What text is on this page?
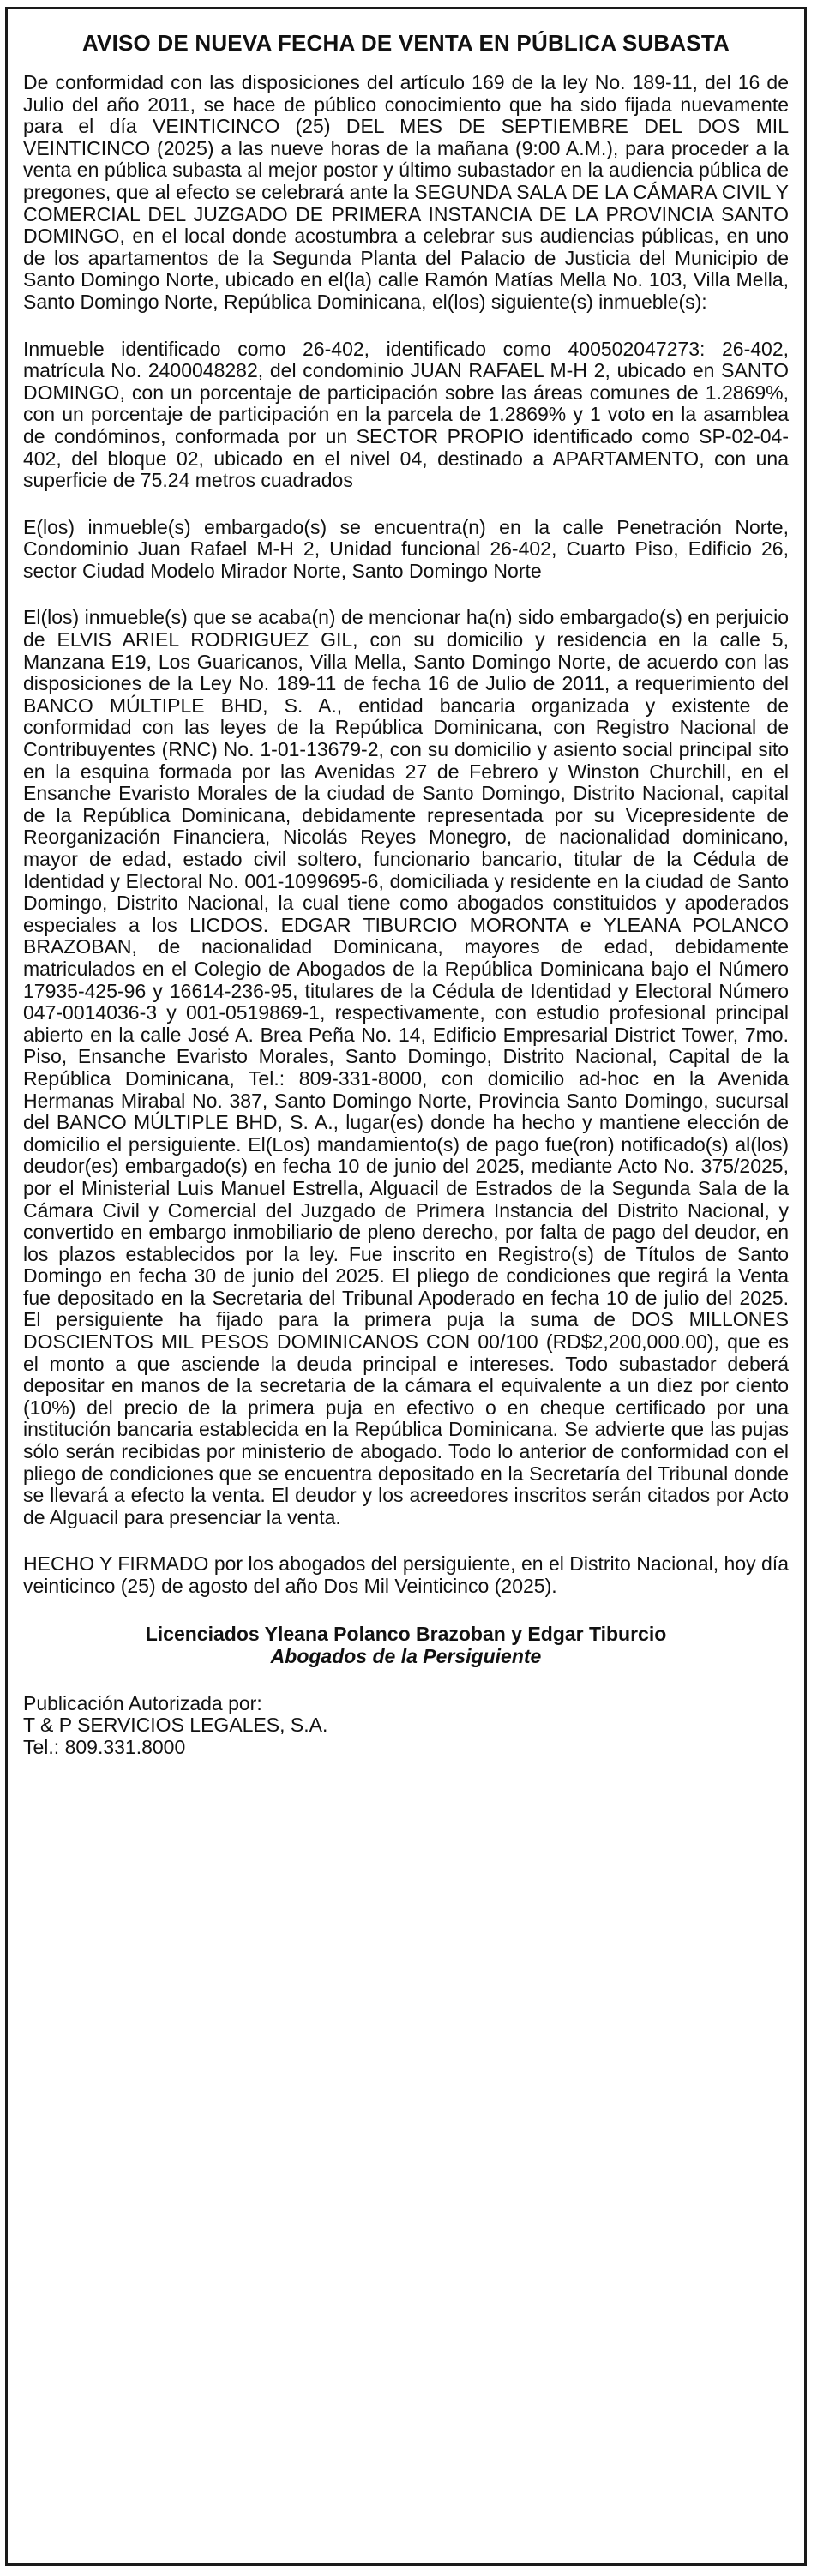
AVISO DE NUEVA FECHA DE VENTA EN PÚBLICA SUBASTA

De conformidad con las disposiciones del artículo 169 de la ley No. 189-11, del 16 de Julio del año 2011, se hace de público conocimiento que ha sido fijada nuevamente para el día VEINTICINCO (25) DEL MES DE SEPTIEMBRE DEL DOS MIL VEINTICINCO (2025) a las nueve horas de la mañana (9:00 A.M.), para proceder a la venta en pública subasta al mejor postor y último subastador en la audiencia pública de pregones, que al efecto se celebrará ante la SEGUNDA SALA DE LA CÁMARA CIVIL Y COMERCIAL DEL JUZGADO DE PRIMERA INSTANCIA DE LA PROVINCIA SANTO DOMINGO, en el local donde acostumbra a celebrar sus audiencias públicas, en uno de los apartamentos de la Segunda Planta del Palacio de Justicia del Municipio de Santo Domingo Norte, ubicado en el(la) calle Ramón Matías Mella No. 103, Villa Mella, Santo Domingo Norte, República Dominicana, el(los) siguiente(s) inmueble(s):

Inmueble identificado como 26-402, identificado como 400502047273: 26-402, matrícula No. 2400048282, del condominio JUAN RAFAEL M-H 2, ubicado en SANTO DOMINGO, con un porcentaje de participación sobre las áreas comunes de 1.2869%, con un porcentaje de participación en la parcela de 1.2869% y 1 voto en la asamblea de condóminos, conformada por un SECTOR PROPIO identificado como SP-02-04-402, del bloque 02, ubicado en el nivel 04, destinado a APARTAMENTO, con una superficie de 75.24 metros cuadrados

E(los) inmueble(s) embargado(s) se encuentra(n) en la calle Penetración Norte, Condominio Juan Rafael M-H 2, Unidad funcional 26-402, Cuarto Piso, Edificio 26, sector Ciudad Modelo Mirador Norte, Santo Domingo Norte

El(los) inmueble(s) que se acaba(n) de mencionar ha(n) sido embargado(s) en perjuicio de ELVIS ARIEL RODRIGUEZ GIL, con su domicilio y residencia en la calle 5, Manzana E19, Los Guaricanos, Villa Mella, Santo Domingo Norte, de acuerdo con las disposiciones de la Ley No. 189-11 de fecha 16 de Julio de 2011, a requerimiento del BANCO MÚLTIPLE BHD, S. A., entidad bancaria organizada y existente de conformidad con las leyes de la República Dominicana, con Registro Nacional de Contribuyentes (RNC) No. 1-01-13679-2, con su domicilio y asiento social principal sito en la esquina formada por las Avenidas 27 de Febrero y Winston Churchill, en el Ensanche Evaristo Morales de la ciudad de Santo Domingo, Distrito Nacional, capital de la República Dominicana, debidamente representada por su Vicepresidente de Reorganización Financiera, Nicolás Reyes Monegro, de nacionalidad dominicano, mayor de edad, estado civil soltero, funcionario bancario, titular de la Cédula de Identidad y Electoral No. 001-1099695-6, domiciliada y residente en la ciudad de Santo Domingo, Distrito Nacional, la cual tiene como abogados constituidos y apoderados especiales a los LICDOS. EDGAR TIBURCIO MORONTA e YLEANA POLANCO BRAZOBAN, de nacionalidad Dominicana, mayores de edad, debidamente matriculados en el Colegio de Abogados de la República Dominicana bajo el Número 17935-425-96 y 16614-236-95, titulares de la Cédula de Identidad y Electoral Número 047-0014036-3 y 001-0519869-1, respectivamente, con estudio profesional principal abierto en la calle José A. Brea Peña No. 14, Edificio Empresarial District Tower, 7mo. Piso, Ensanche Evaristo Morales, Santo Domingo, Distrito Nacional, Capital de la República Dominicana, Tel.: 809-331-8000, con domicilio ad-hoc en la Avenida Hermanas Mirabal No. 387, Santo Domingo Norte, Provincia Santo Domingo, sucursal del BANCO MÚLTIPLE BHD, S. A., lugar(es) donde ha hecho y mantiene elección de domicilio el persiguiente. El(Los) mandamiento(s) de pago fue(ron) notificado(s) al(los) deudor(es) embargado(s) en fecha 10 de junio del 2025, mediante Acto No. 375/2025, por el Ministerial Luis Manuel Estrella, Alguacil de Estrados de la Segunda Sala de la Cámara Civil y Comercial del Juzgado de Primera Instancia del Distrito Nacional, y convertido en embargo inmobiliario de pleno derecho, por falta de pago del deudor, en los plazos establecidos por la ley. Fue inscrito en Registro(s) de Títulos de Santo Domingo en fecha 30 de junio del 2025. El pliego de condiciones que regirá la Venta fue depositado en la Secretaria del Tribunal Apoderado en fecha 10 de julio del 2025. El persiguiente ha fijado para la primera puja la suma de DOS MILLONES DOSCIENTOS MIL PESOS DOMINICANOS CON 00/100 (RD$2,200,000.00), que es el monto a que asciende la deuda principal e intereses. Todo subastador deberá depositar en manos de la secretaria de la cámara el equivalente a un diez por ciento (10%) del precio de la primera puja en efectivo o en cheque certificado por una institución bancaria establecida en la República Dominicana. Se advierte que las pujas sólo serán recibidas por ministerio de abogado. Todo lo anterior de conformidad con el pliego de condiciones que se encuentra depositado en la Secretaría del Tribunal donde se llevará a efecto la venta. El deudor y los acreedores inscritos serán citados por Acto de Alguacil para presenciar la venta.

HECHO Y FIRMADO por los abogados del persiguiente, en el Distrito Nacional, hoy día veinticinco (25) de agosto del año Dos Mil Veinticinco (2025).

Licenciados Yleana Polanco Brazoban y Edgar Tiburcio
Abogados de la Persiguiente
Publicación Autorizada por:
T & P SERVICIOS LEGALES, S.A.
Tel.: 809.331.8000
